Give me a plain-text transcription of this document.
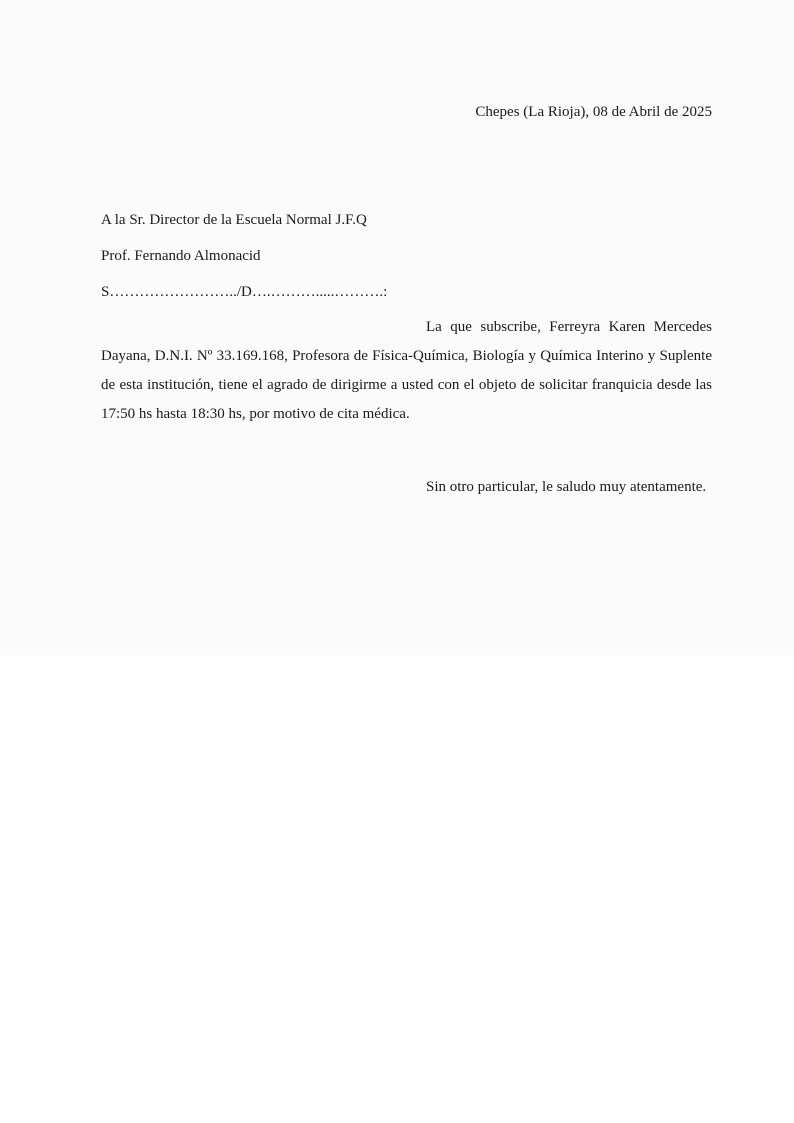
Chepes (La Rioja), 08 de Abril de 2025
A la Sr. Director de la Escuela Normal J.F.Q
Prof. Fernando Almonacid
S……………………../D….……….....……….:

La que subscribe, Ferreyra Karen Mercedes Dayana, D.N.I. Nº 33.169.168, Profesora de Física-Química, Biología y Química Interino y Suplente de esta institución, tiene el agrado de dirigirme a usted con el objeto de solicitar franquicia desde las 17:50 hs hasta 18:30 hs, por motivo de cita médica.

Sin otro particular, le saludo muy atentamente.
